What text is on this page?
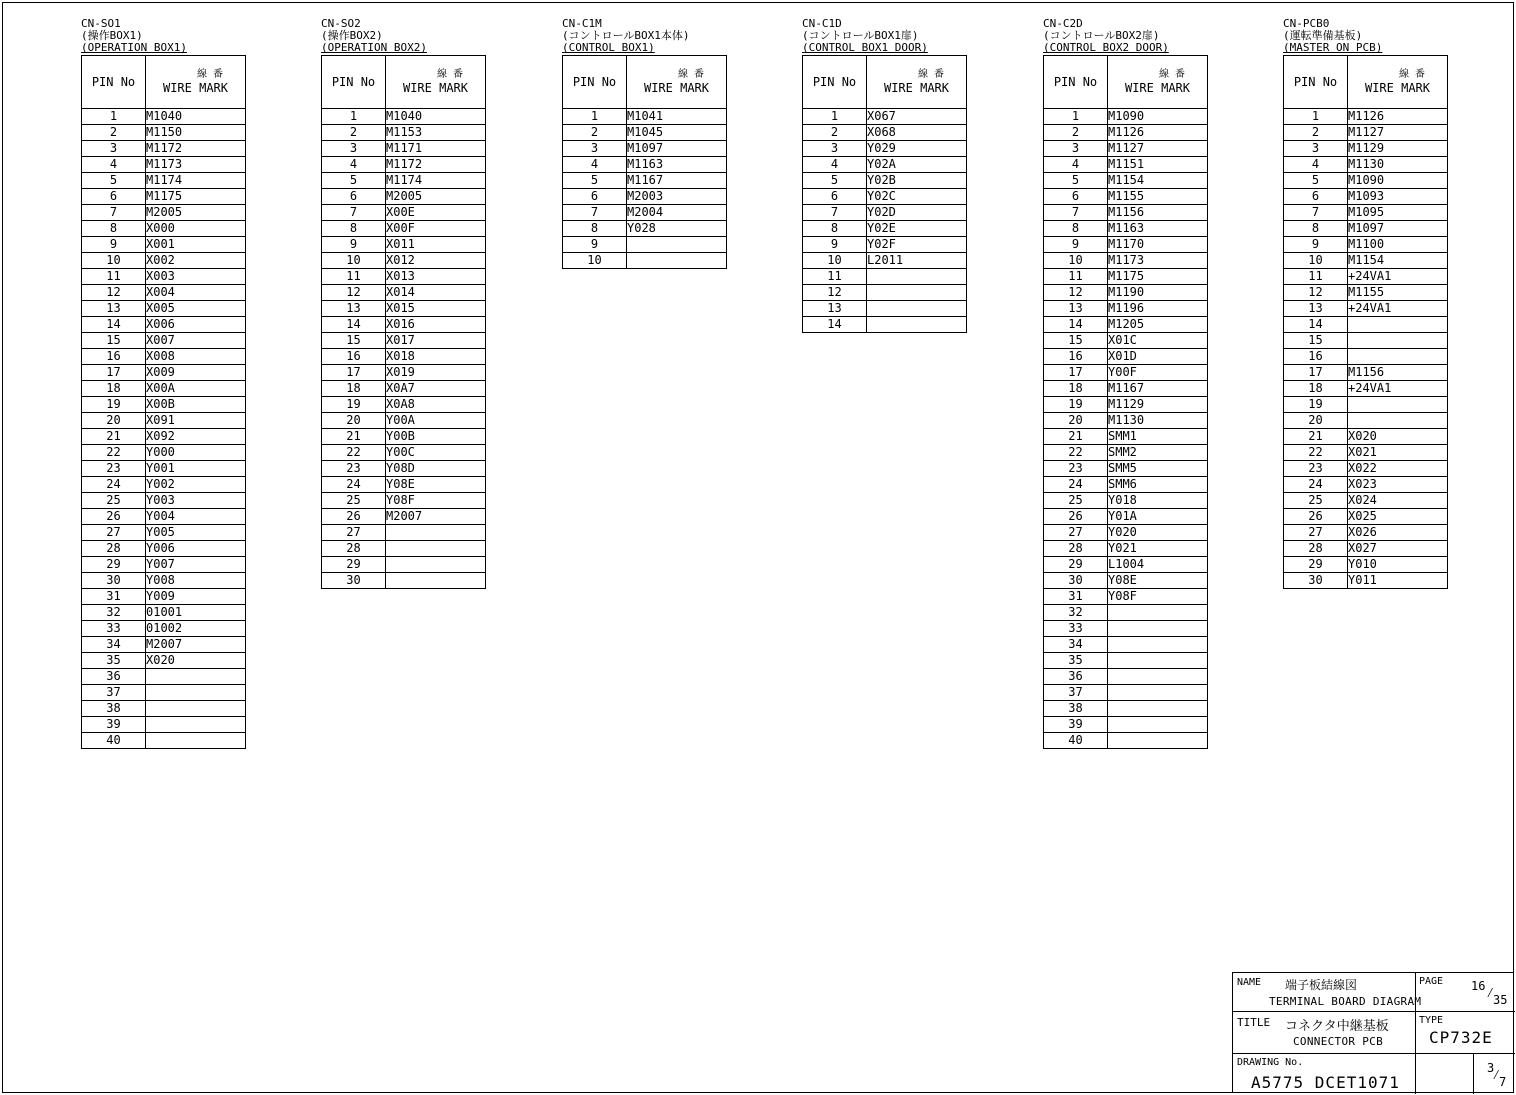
CN-SO1
(操作BOX1)
(OPERATION BOX1)
PIN No	線 番
WIRE MARK

1	M1040
2	M1150
3	M1172
4	M1173
5	M1174
6	M1175
7	M2005
8	X000
9	X001
10	X002
11	X003
12	X004
13	X005
14	X006
15	X007
16	X008
17	X009
18	X00A
19	X00B
20	X091
21	X092
22	Y000
23	Y001
24	Y002
25	Y003
26	Y004
27	Y005
28	Y006
29	Y007
30	Y008
31	Y009
32	01001
33	01002
34	M2007
35	X020
36	
37	
38	
39	
40	
CN-SO2
(操作BOX2)
(OPERATION BOX2)
PIN No	線 番
WIRE MARK

1	M1040
2	M1153
3	M1171
4	M1172
5	M1174
6	M2005
7	X00E
8	X00F
9	X011
10	X012
11	X013
12	X014
13	X015
14	X016
15	X017
16	X018
17	X019
18	X0A7
19	X0A8
20	Y00A
21	Y00B
22	Y00C
23	Y08D
24	Y08E
25	Y08F
26	M2007
27	
28	
29	
30	
CN-C1M
(コントロールBOX1本体)
(CONTROL BOX1)
PIN No	線 番
WIRE MARK

1	M1041
2	M1045
3	M1097
4	M1163
5	M1167
6	M2003
7	M2004
8	Y028
9	
10	
CN-C1D
(コントロールBOX1扉)
(CONTROL BOX1 DOOR)
PIN No	線 番
WIRE MARK

1	X067
2	X068
3	Y029
4	Y02A
5	Y02B
6	Y02C
7	Y02D
8	Y02E
9	Y02F
10	L2011
11	
12	
13	
14	
CN-C2D
(コントロールBOX2扉)
(CONTROL BOX2 DOOR)
PIN No	線 番
WIRE MARK

1	M1090
2	M1126
3	M1127
4	M1151
5	M1154
6	M1155
7	M1156
8	M1163
9	M1170
10	M1173
11	M1175
12	M1190
13	M1196
14	M1205
15	X01C
16	X01D
17	Y00F
18	M1167
19	M1129
20	M1130
21	SMM1
22	SMM2
23	SMM5
24	SMM6
25	Y018
26	Y01A
27	Y020
28	Y021
29	L1004
30	Y08E
31	Y08F
32	
33	
34	
35	
36	
37	
38	
39	
40	
CN-PCB0
(運転準備基板)
(MASTER ON PCB)
PIN No	線 番
WIRE MARK

1	M1126
2	M1127
3	M1129
4	M1130
5	M1090
6	M1093
7	M1095
8	M1097
9	M1100
10	M1154
11	+24VA1
12	M1155
13	+24VA1
14	
15	
16	
17	M1156
18	+24VA1
19	
20	
21	X020
22	X021
23	X022
24	X023
25	X024
26	X025
27	X026
28	X027
29	Y010
30	Y011
NAME 端子板結線図
TERMINAL BOARD DIAGRAM
PAGE 16 ⁄
35
TITLE コネクタ中継基板
CONNECTOR PCB
TYPE
CP732E
DRAWING No.
A5775 DCET1071
3
⁄
7
